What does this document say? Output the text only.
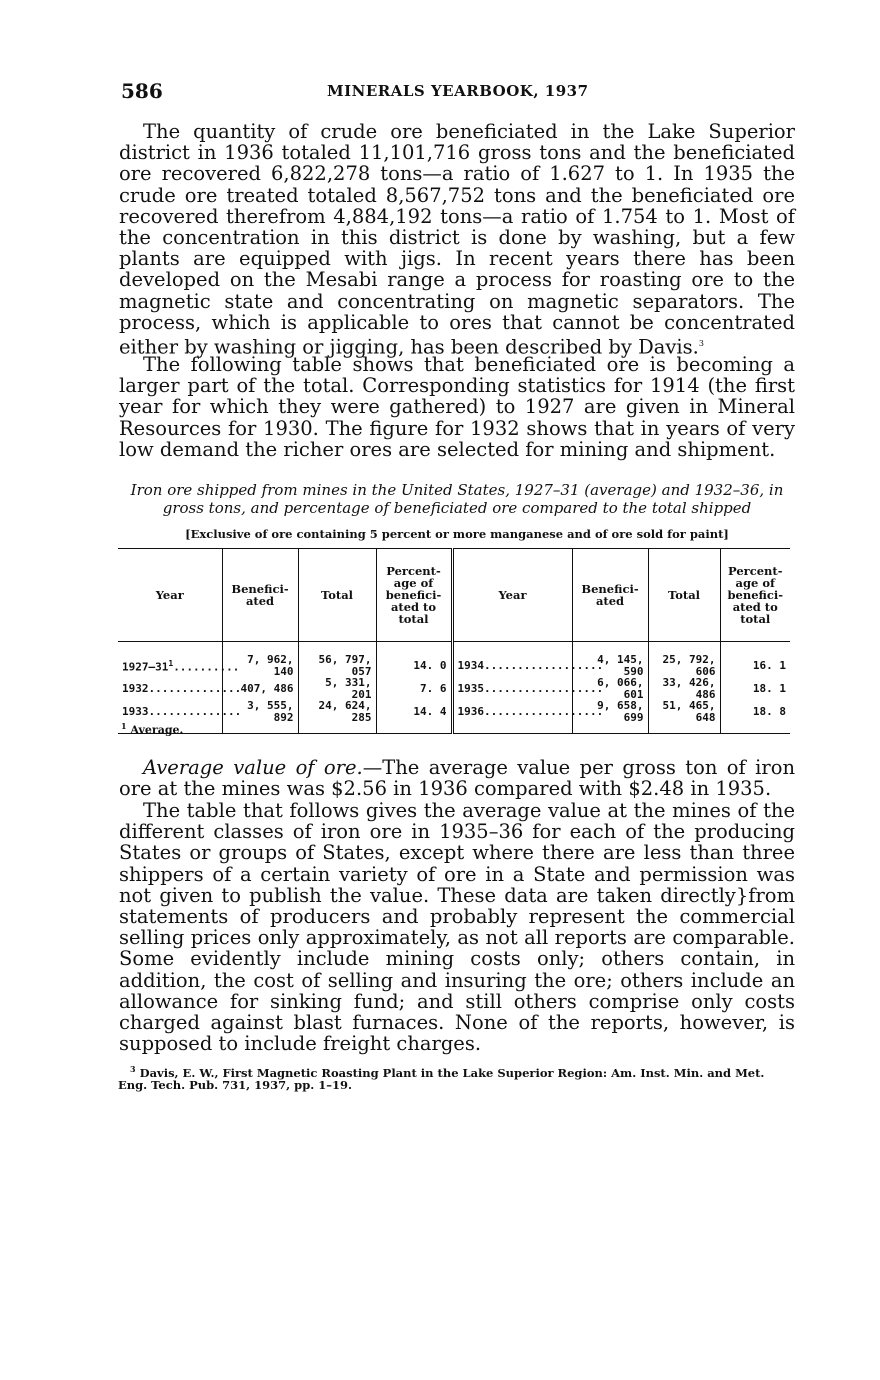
586	MINERALS YEARBOOK, 1937

The quantity of crude ore beneficiated in the Lake Superior district in 1936 totaled 11,101,716 gross tons and the beneficiated ore recovered 6,822,278 tons—a ratio of 1.627 to 1. In 1935 the crude ore treated totaled 8,567,752 tons and the beneficiated ore recovered therefrom 4,884,192 tons—a ratio of 1.754 to 1. Most of the concentration in this district is done by washing, but a few plants are equipped with jigs. In recent years there has been developed on the Mesabi range a process for roasting ore to the magnetic state and concentrating on magnetic separators. The process, which is applicable to ores that cannot be concentrated either by washing or jigging, has been described by Davis.$^3$

The following table shows that beneficiated ore is becoming a larger part of the total. Corresponding statistics for 1914 (the first year for which they were gathered) to 1927 are given in Mineral Resources for 1930. The figure for 1932 shows that in years of very low demand the richer ores are selected for mining and shipment.

Iron ore shipped from mines in the United States, 1927–31 (average) and 1932–36, in gross tons, and percentage of beneficiated ore compared to the total shipped
[Exclusive of ore containing 5 percent or more manganese and of ore sold for paint]
Year	Benefici- ated	Total	Percent- age of benefici- ated to total	Year	Benefici- ated	Total	Percent- age of benefici- ated to total

$1927-31^1$..........	7, 962, 140	56, 797, 057	14. 0	1934..................	4, 145, 590	25, 792, 606	16. 1
1932..............	407, 486	5, 331, 201	7. 6	1935..................	6, 066, 601	33, 426, 486	18. 1
1933..............	3, 555, 892	24, 624, 285	14. 4	1936..................	9, 658, 699	51, 465, 648	18. 8
$^1$ Average.

Average value of ore.—The average value per gross ton of iron ore at the mines was $2.56 in 1936 compared with $2.48 in 1935.

The table that follows gives the average value at the mines of the different classes of iron ore in 1935–36 for each of the producing States or groups of States, except where there are less than three shippers of a certain variety of ore in a State and permission was not given to publish the value. These data are taken directly}from statements of producers and probably represent the commercial selling prices only approximately, as not all reports are comparable. Some evidently include mining costs only; others contain, in addition, the cost of selling and insuring the ore; others include an allowance for sinking fund; and still others comprise only costs charged against blast furnaces. None of the reports, however, is supposed to include freight charges.

$^3$ Davis, E. W., First Magnetic Roasting Plant in the Lake Superior Region: Am. Inst. Min. and Met. Eng. Tech. Pub. 731, 1937, pp. 1–19.
